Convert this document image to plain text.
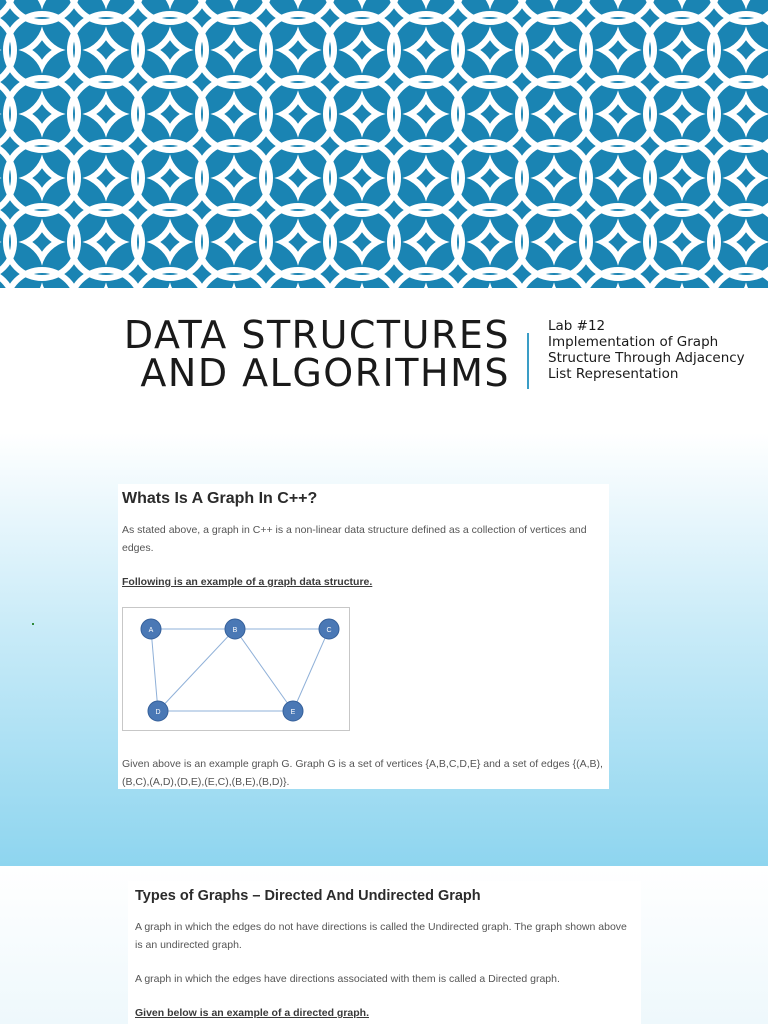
DATA STRUCTURES
AND ALGORITHMS
Lab #12
Implementation of Graph
Structure Through Adjacency
List Representation
Whats Is A Graph In C++?

As stated above, a graph in C++ is a non-linear data structure defined as a collection of vertices and edges.

Following is an example of a graph data structure.

A	B	C
D	E

Given above is an example graph G. Graph G is a set of vertices {A,B,C,D,E} and a set of edges {(A,B),(B,C),(A,D),(D,E),(E,C),(B,E),(B,D)}.

Types of Graphs – Directed And Undirected Graph

A graph in which the edges do not have directions is called the Undirected graph. The graph shown above is an undirected graph.

A graph in which the edges have directions associated with them is called a Directed graph.

Given below is an example of a directed graph.
